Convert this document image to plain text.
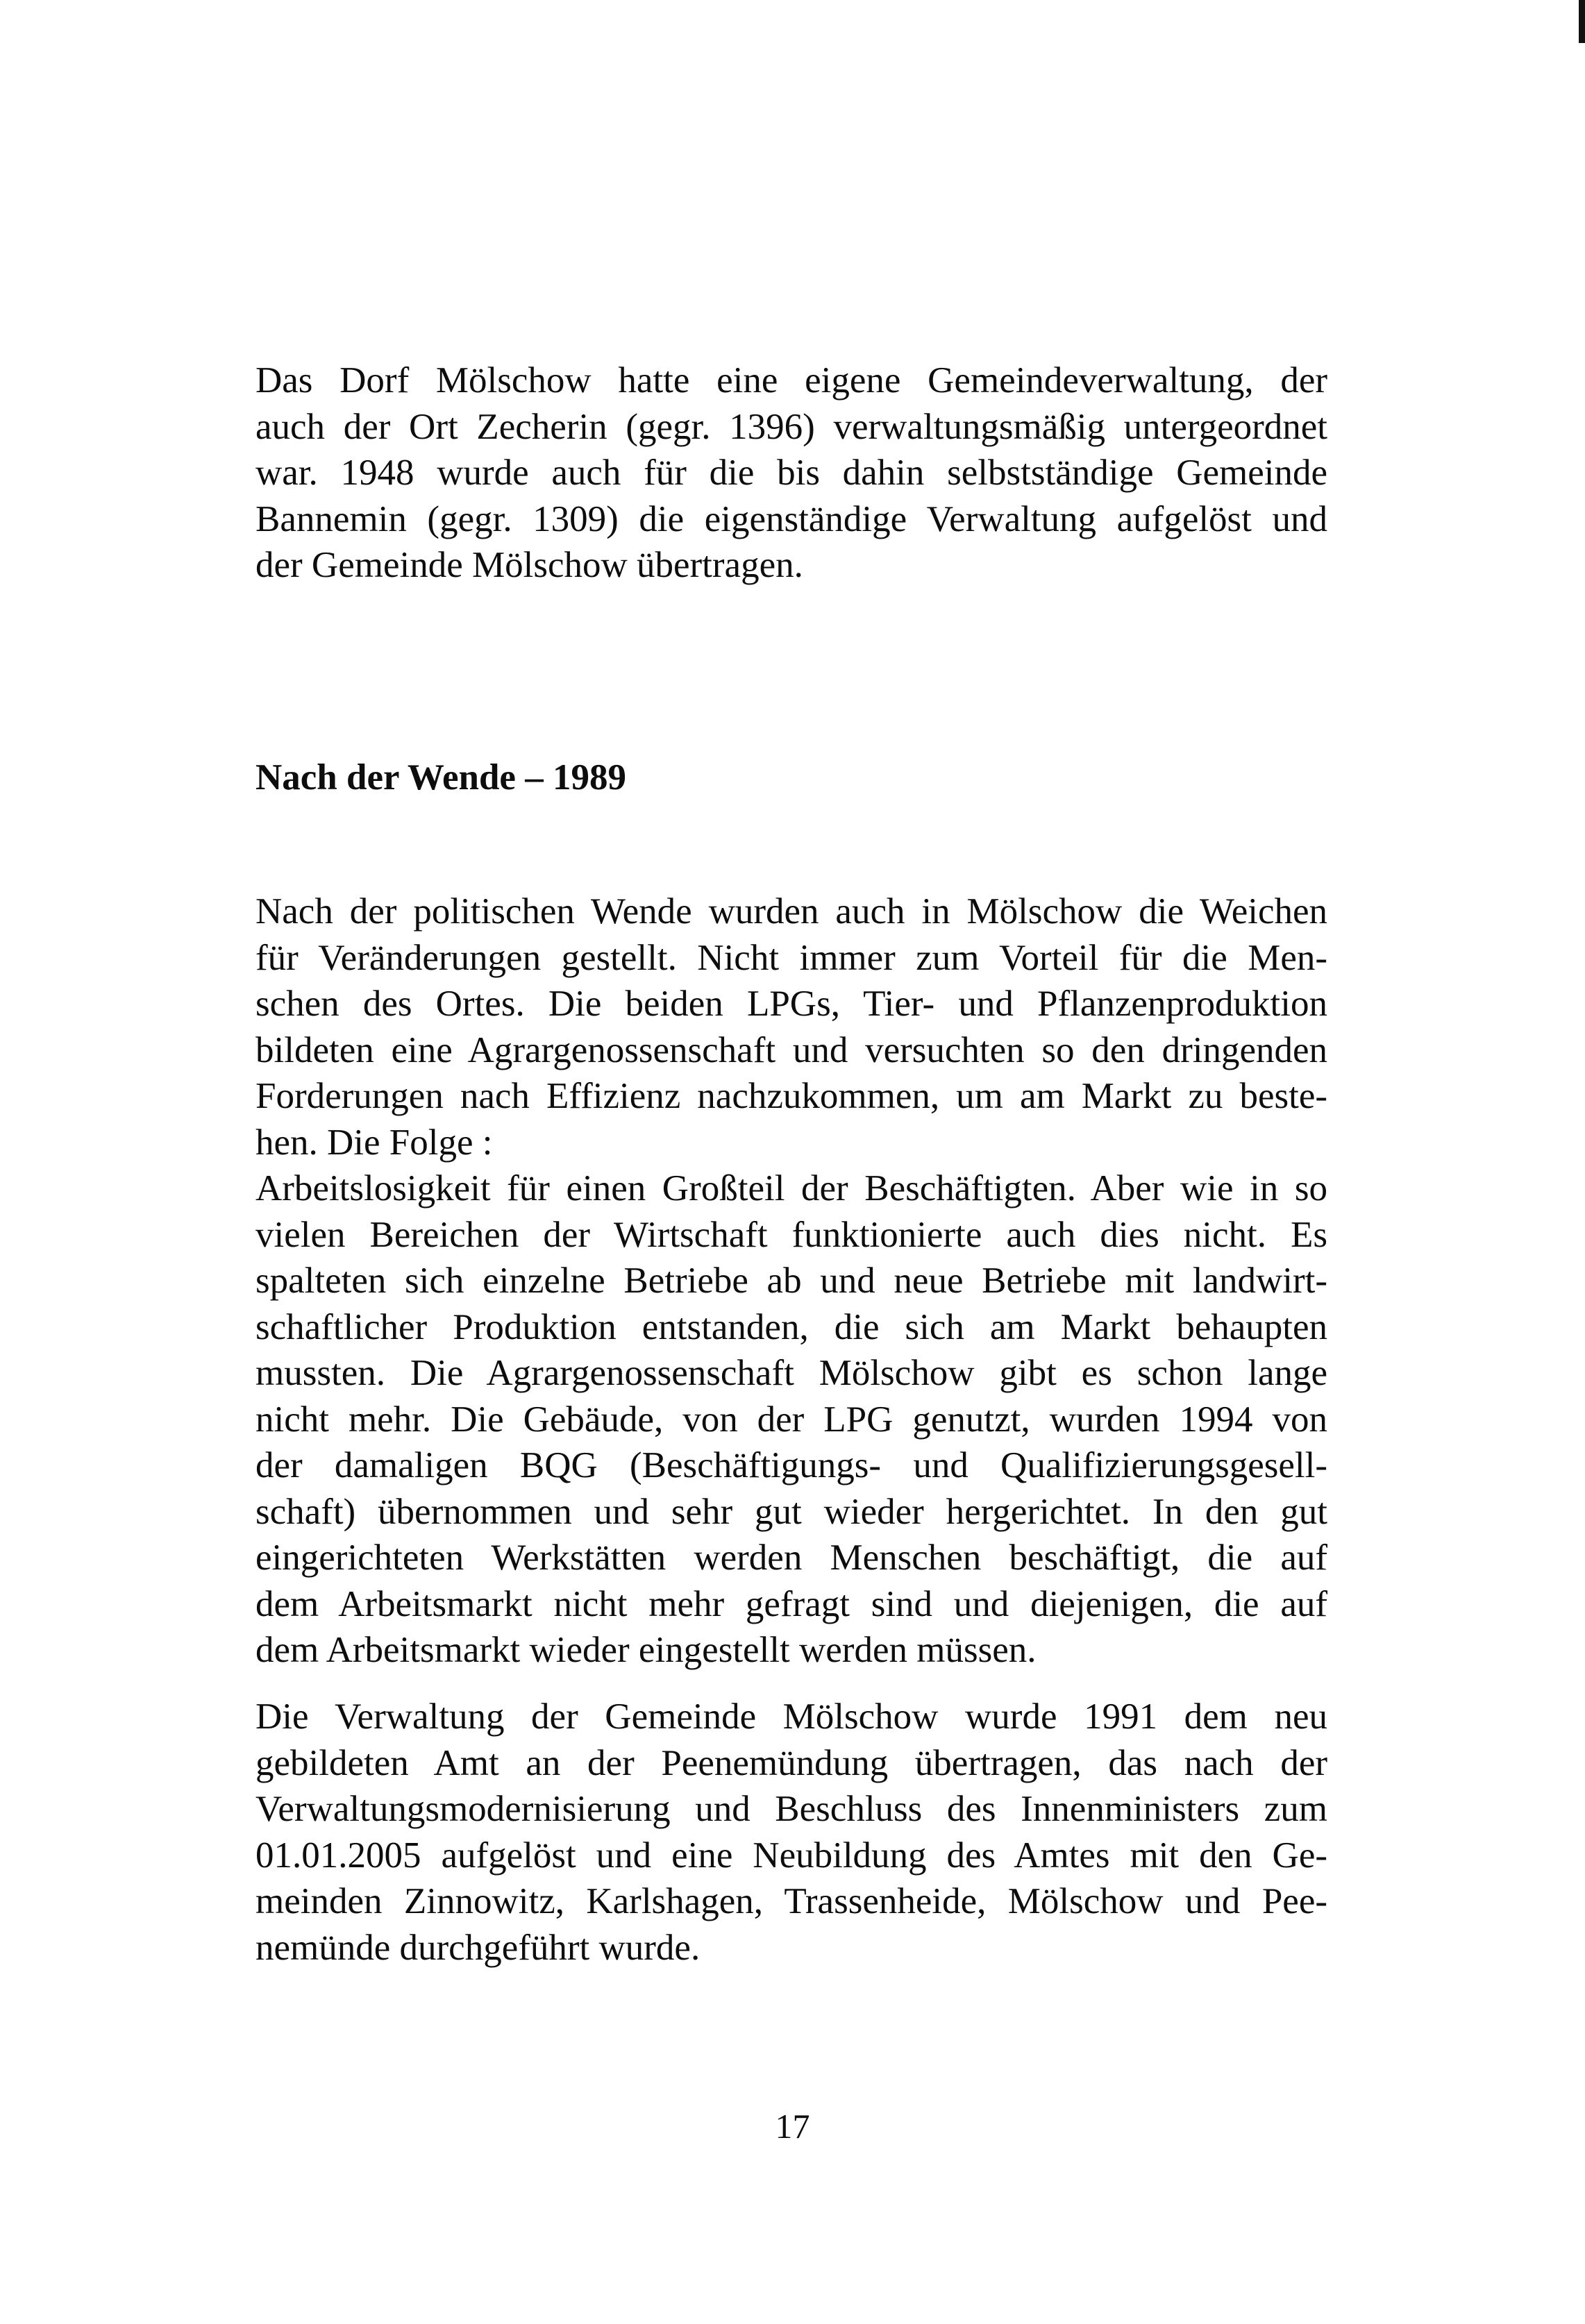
Das Dorf Mölschow hatte eine eigene Gemeindeverwaltung, der
auch der Ort Zecherin (gegr. 1396) verwaltungsmäßig untergeordnet
war. 1948 wurde auch für die bis dahin selbstständige Gemeinde
Bannemin (gegr. 1309) die eigenständige Verwaltung aufgelöst und
der Gemeinde Mölschow übertragen.

Nach der Wende – 1989

Nach der politischen Wende wurden auch in Mölschow die Weichen
für Veränderungen gestellt. Nicht immer zum Vorteil für die Men-
schen des Ortes. Die beiden LPGs, Tier- und Pflanzenproduktion
bildeten eine Agrargenossenschaft und versuchten so den dringenden
Forderungen nach Effizienz nachzukommen, um am Markt zu beste-
hen. Die Folge :

Arbeitslosigkeit für einen Großteil der Beschäftigten. Aber wie in so
vielen Bereichen der Wirtschaft funktionierte auch dies nicht. Es
spalteten sich einzelne Betriebe ab und neue Betriebe mit landwirt-
schaftlicher Produktion entstanden, die sich am Markt behaupten
mussten. Die Agrargenossenschaft Mölschow gibt es schon lange
nicht mehr. Die Gebäude, von der LPG genutzt, wurden 1994 von
der damaligen BQG (Beschäftigungs- und Qualifizierungsgesell-
schaft) übernommen und sehr gut wieder hergerichtet. In den gut
eingerichteten Werkstätten werden Menschen beschäftigt, die auf
dem Arbeitsmarkt nicht mehr gefragt sind und diejenigen, die auf
dem Arbeitsmarkt wieder eingestellt werden müssen.

Die Verwaltung der Gemeinde Mölschow wurde 1991 dem neu
gebildeten Amt an der Peenemündung übertragen, das nach der
Verwaltungsmodernisierung und Beschluss des Innenministers zum
01.01.2005 aufgelöst und eine Neubildung des Amtes mit den Ge-
meinden Zinnowitz, Karlshagen, Trassenheide, Mölschow und Pee-
nemünde durchgeführt wurde.

17
